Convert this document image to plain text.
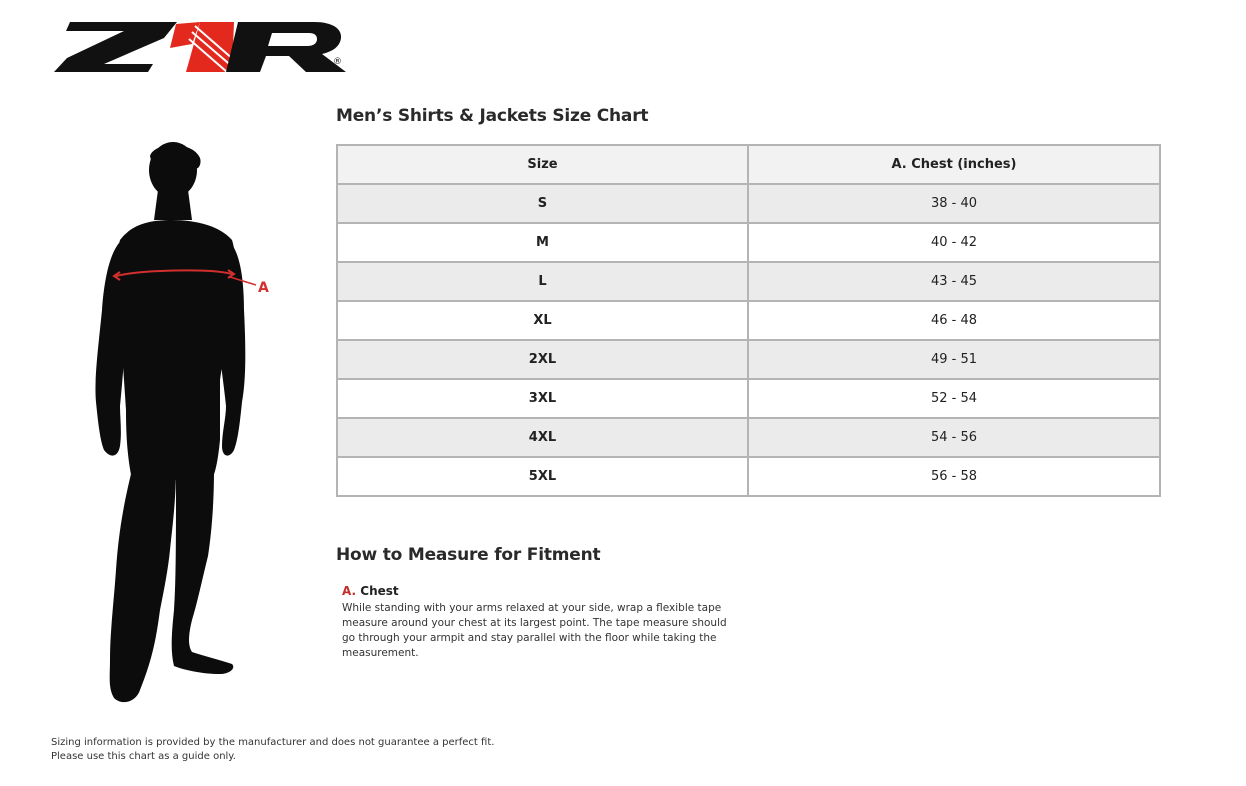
®
A
Men’s Shirts & Jackets Size Chart
Size	A. Chest (inches)
S	38 - 40
M	40 - 42
L	43 - 45
XL	46 - 48
2XL	49 - 51
3XL	52 - 54
4XL	54 - 56
5XL	56 - 58
How to Measure for Fitment
A. Chest
While standing with your arms relaxed at your side, wrap a flexible tape measure around your chest at its largest point. The tape measure should go through your armpit and stay parallel with the floor while taking the measurement.
Sizing information is provided by the manufacturer and does not guarantee a perfect fit.
Please use this chart as a guide only.
